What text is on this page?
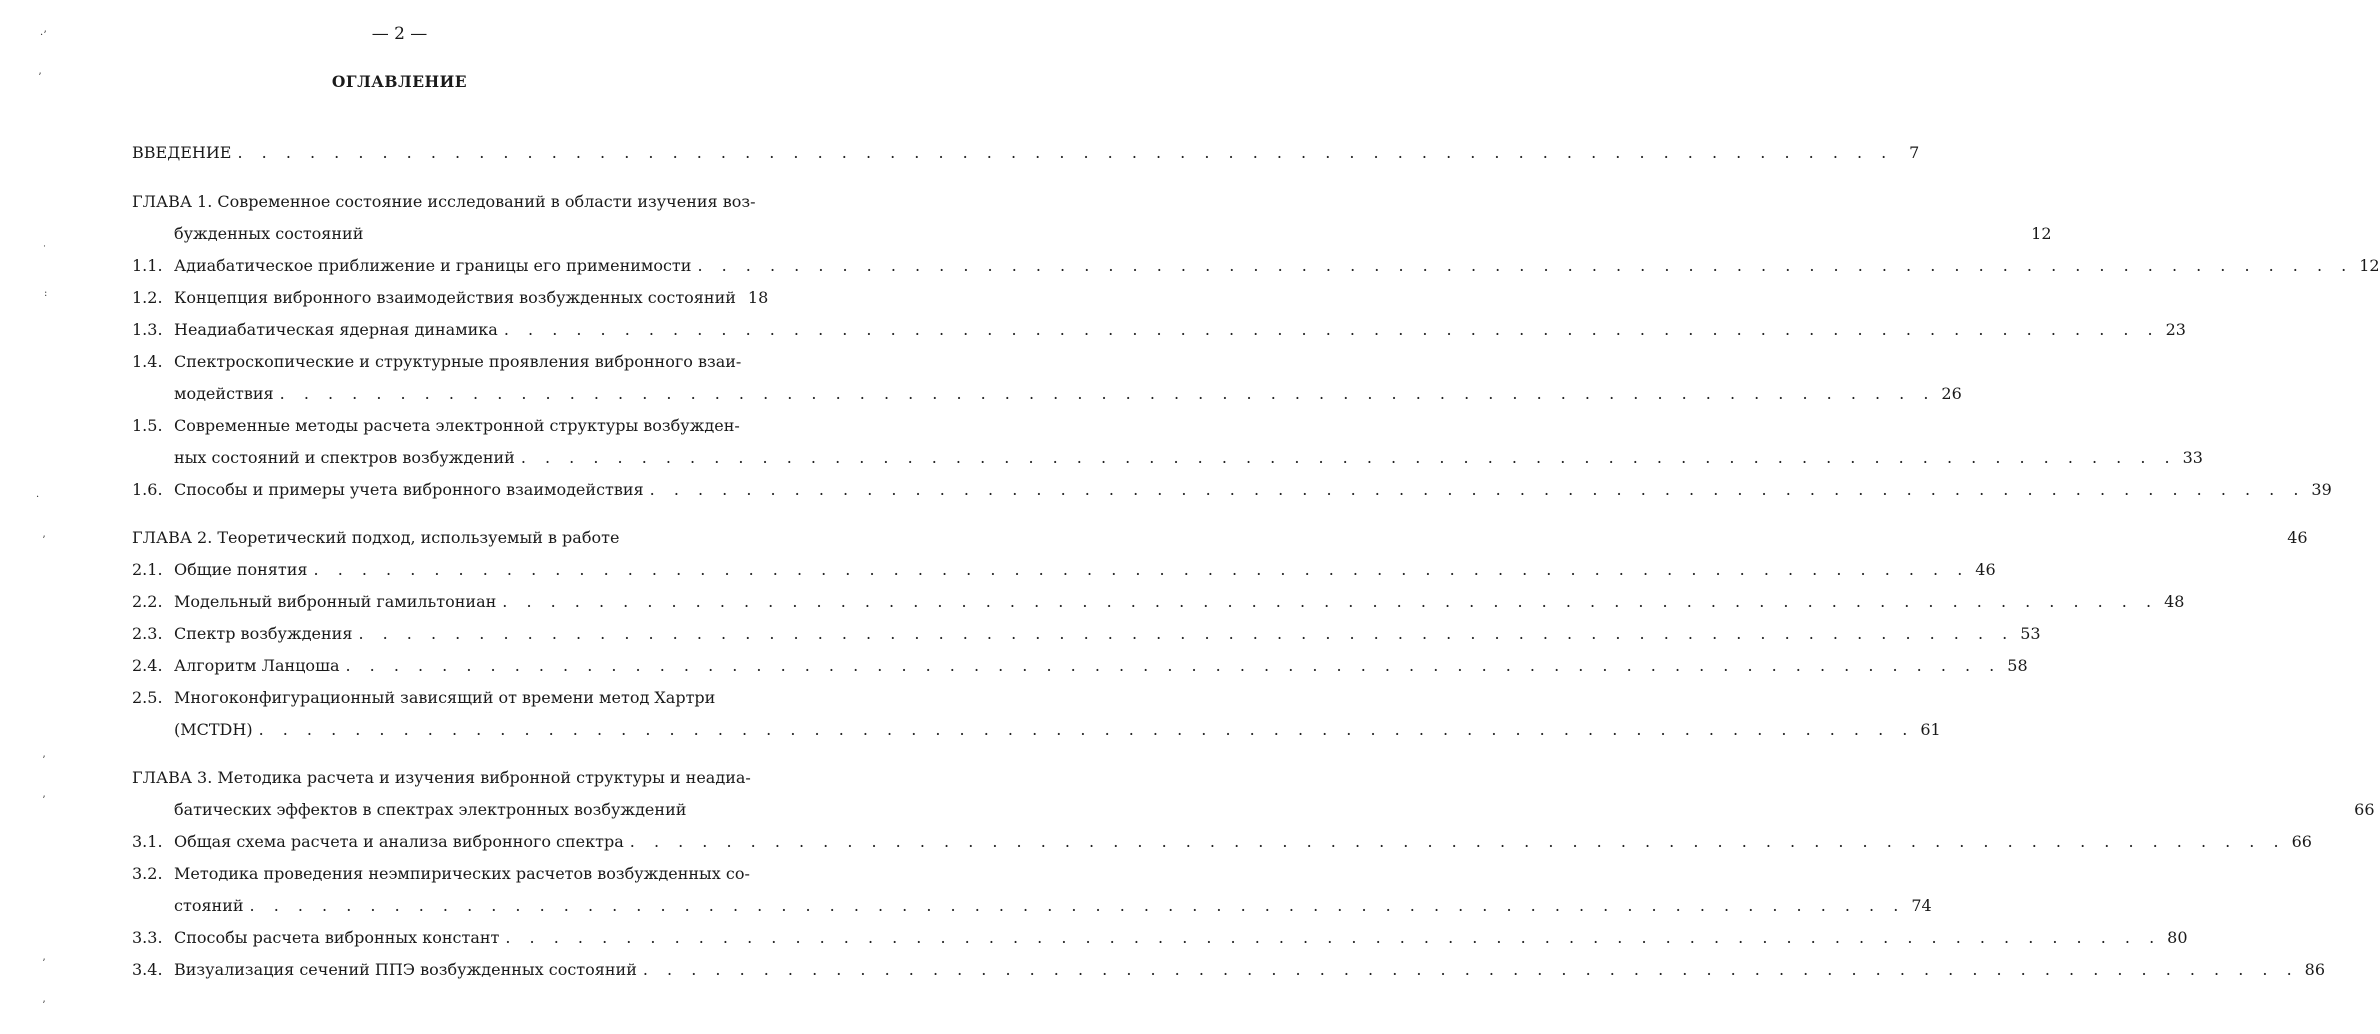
— 2 —
ОГЛАВЛЕНИЕ
·ʼ
ʼ
˙
:
·
ʼ
ʼ
ʼ
ʼ
ʼ
ВВЕДЕНИЕ . . . . . . . . . . . . . . . . . . . . . . . . . . . . . . . . . . . . . . . . . . . . . . . . . . . . . . . . . . . . . . . . . . . . . 7
ГЛАВА 1. Современное состояние исследований в области изучения воз-
бужденных состояний	12
1.1. Адиабатическое приближение и границы его применимости . . . . . . . . . . . . . . . . . . . . . . . . . . . . . . . . . . . . . . . . . . . . . . . . . . . . . . . . . . . . . . . . . . . . . 12
1.2. Концепция вибронного взаимодействия возбужденных состояний 18
1.3. Неадиабатическая ядерная динамика . . . . . . . . . . . . . . . . . . . . . . . . . . . . . . . . . . . . . . . . . . . . . . . . . . . . . . . . . . . . . . . . . . . . . 23
1.4. Спектроскопические и структурные проявления вибронного взаи-
модействия . . . . . . . . . . . . . . . . . . . . . . . . . . . . . . . . . . . . . . . . . . . . . . . . . . . . . . . . . . . . . . . . . . . . . 26
1.5. Современные методы расчета электронной структуры возбужден-
ных состояний и спектров возбуждений . . . . . . . . . . . . . . . . . . . . . . . . . . . . . . . . . . . . . . . . . . . . . . . . . . . . . . . . . . . . . . . . . . . . . 33
1.6. Способы и примеры учета вибронного взаимодействия . . . . . . . . . . . . . . . . . . . . . . . . . . . . . . . . . . . . . . . . . . . . . . . . . . . . . . . . . . . . . . . . . . . . . 39
ГЛАВА 2. Теоретический подход, используемый в работе	46
2.1. Общие понятия . . . . . . . . . . . . . . . . . . . . . . . . . . . . . . . . . . . . . . . . . . . . . . . . . . . . . . . . . . . . . . . . . . . . . 46
2.2. Модельный вибронный гамильтониан . . . . . . . . . . . . . . . . . . . . . . . . . . . . . . . . . . . . . . . . . . . . . . . . . . . . . . . . . . . . . . . . . . . . . 48
2.3. Спектр возбуждения . . . . . . . . . . . . . . . . . . . . . . . . . . . . . . . . . . . . . . . . . . . . . . . . . . . . . . . . . . . . . . . . . . . . . 53
2.4. Алгоритм Ланцоша . . . . . . . . . . . . . . . . . . . . . . . . . . . . . . . . . . . . . . . . . . . . . . . . . . . . . . . . . . . . . . . . . . . . . 58
2.5. Многоконфигурационный зависящий от времени метод Хартри
(MCTDH) . . . . . . . . . . . . . . . . . . . . . . . . . . . . . . . . . . . . . . . . . . . . . . . . . . . . . . . . . . . . . . . . . . . . . 61
ГЛАВА 3. Методика расчета и изучения вибронной структуры и неадиа-
батических эффектов в спектрах электронных возбуждений	66
3.1. Общая схема расчета и анализа вибронного спектра . . . . . . . . . . . . . . . . . . . . . . . . . . . . . . . . . . . . . . . . . . . . . . . . . . . . . . . . . . . . . . . . . . . . . 66
3.2. Методика проведения неэмпирических расчетов возбужденных со-
стояний . . . . . . . . . . . . . . . . . . . . . . . . . . . . . . . . . . . . . . . . . . . . . . . . . . . . . . . . . . . . . . . . . . . . . 74
3.3. Способы расчета вибронных констант . . . . . . . . . . . . . . . . . . . . . . . . . . . . . . . . . . . . . . . . . . . . . . . . . . . . . . . . . . . . . . . . . . . . . 80
3.4. Визуализация сечений ППЭ возбужденных состояний . . . . . . . . . . . . . . . . . . . . . . . . . . . . . . . . . . . . . . . . . . . . . . . . . . . . . . . . . . . . . . . . . . . . . 86
